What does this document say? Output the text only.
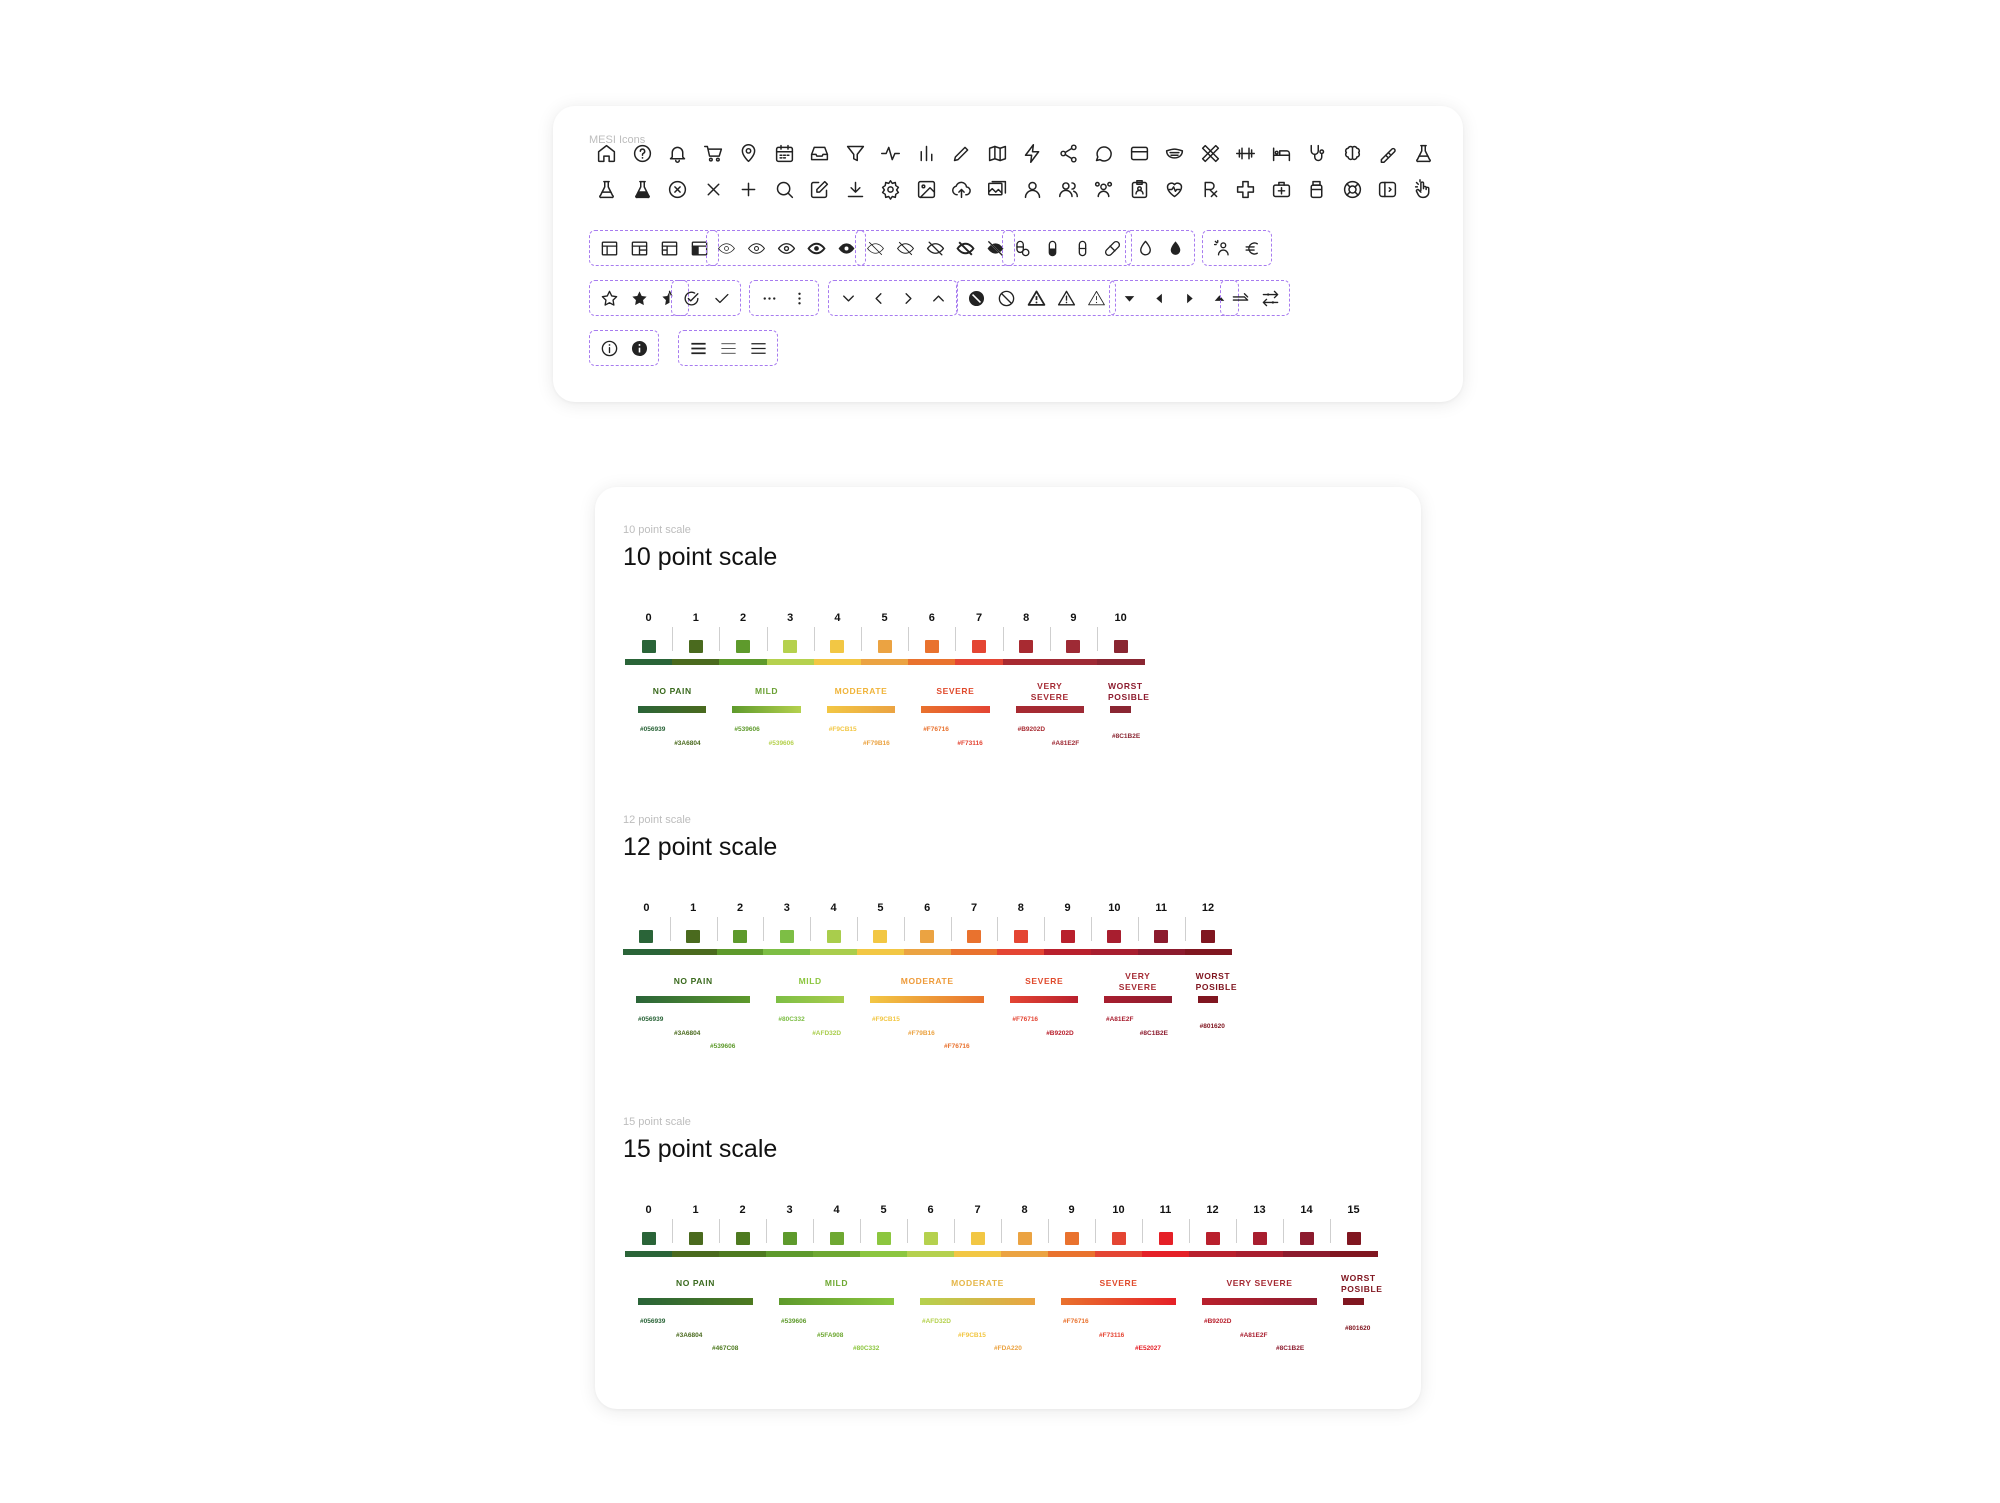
MESI Icons
10 point scale
10 point scale
0	1	2	3	4	5	6	7	8	9	10
NO PAIN
#056939
#3A6804
MILD
#539606
#539606
MODERATE
#F9CB15
#F79B16
SEVERE
#F76716
#F73116
VERY SEVERE
#B9202D
#A81E2F
WORST POSIBLE
#8C1B2E
12 point scale
12 point scale
0	1	2	3	4	5	6	7	8	9	10	11	12
NO PAIN
#056939
#3A6804
#539606
MILD
#80C332
#AFD32D
MODERATE
#F9CB15
#F79B16
#F76716
SEVERE
#F76716
#B9202D
VERY SEVERE
#A81E2F
#8C1B2E
WORST POSIBLE
#801620
15 point scale
15 point scale
0	1	2	3	4	5	6	7	8	9	10	11	12	13	14	15
NO PAIN
#056939
#3A6804
#467C08
MILD
#539606
#5FA908
#80C332
MODERATE
#AFD32D
#F9CB15
#FDA220
SEVERE
#F76716
#F73116
#E52027
VERY SEVERE
#B9202D
#A81E2F
#8C1B2E
WORST POSIBLE
#801620
